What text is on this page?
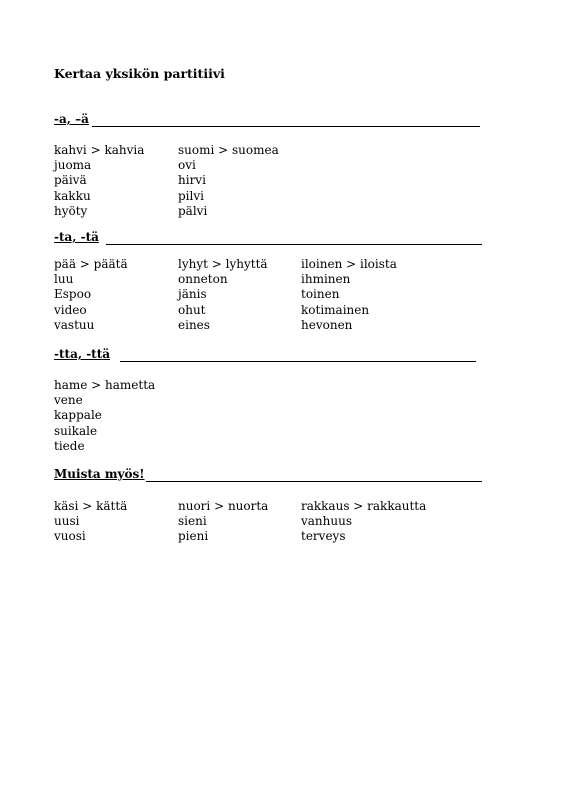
Kertaa yksikön partitiivi
-a, –ä
kahvi > kahvia
juoma
päivä
kakku
hyöty
suomi > suomea
ovi
hirvi
pilvi
pälvi
-ta, -tä
pää > päätä
luu
Espoo
video
vastuu
lyhyt > lyhyttä
onneton
jänis
ohut
eines
iloinen > iloista
ihminen
toinen
kotimainen
hevonen
-tta, -ttä
hame > hametta
vene
kappale
suikale
tiede
Muista myös!
käsi > kättä
uusi
vuosi
nuori > nuorta
sieni
pieni
rakkaus > rakkautta
vanhuus
terveys
